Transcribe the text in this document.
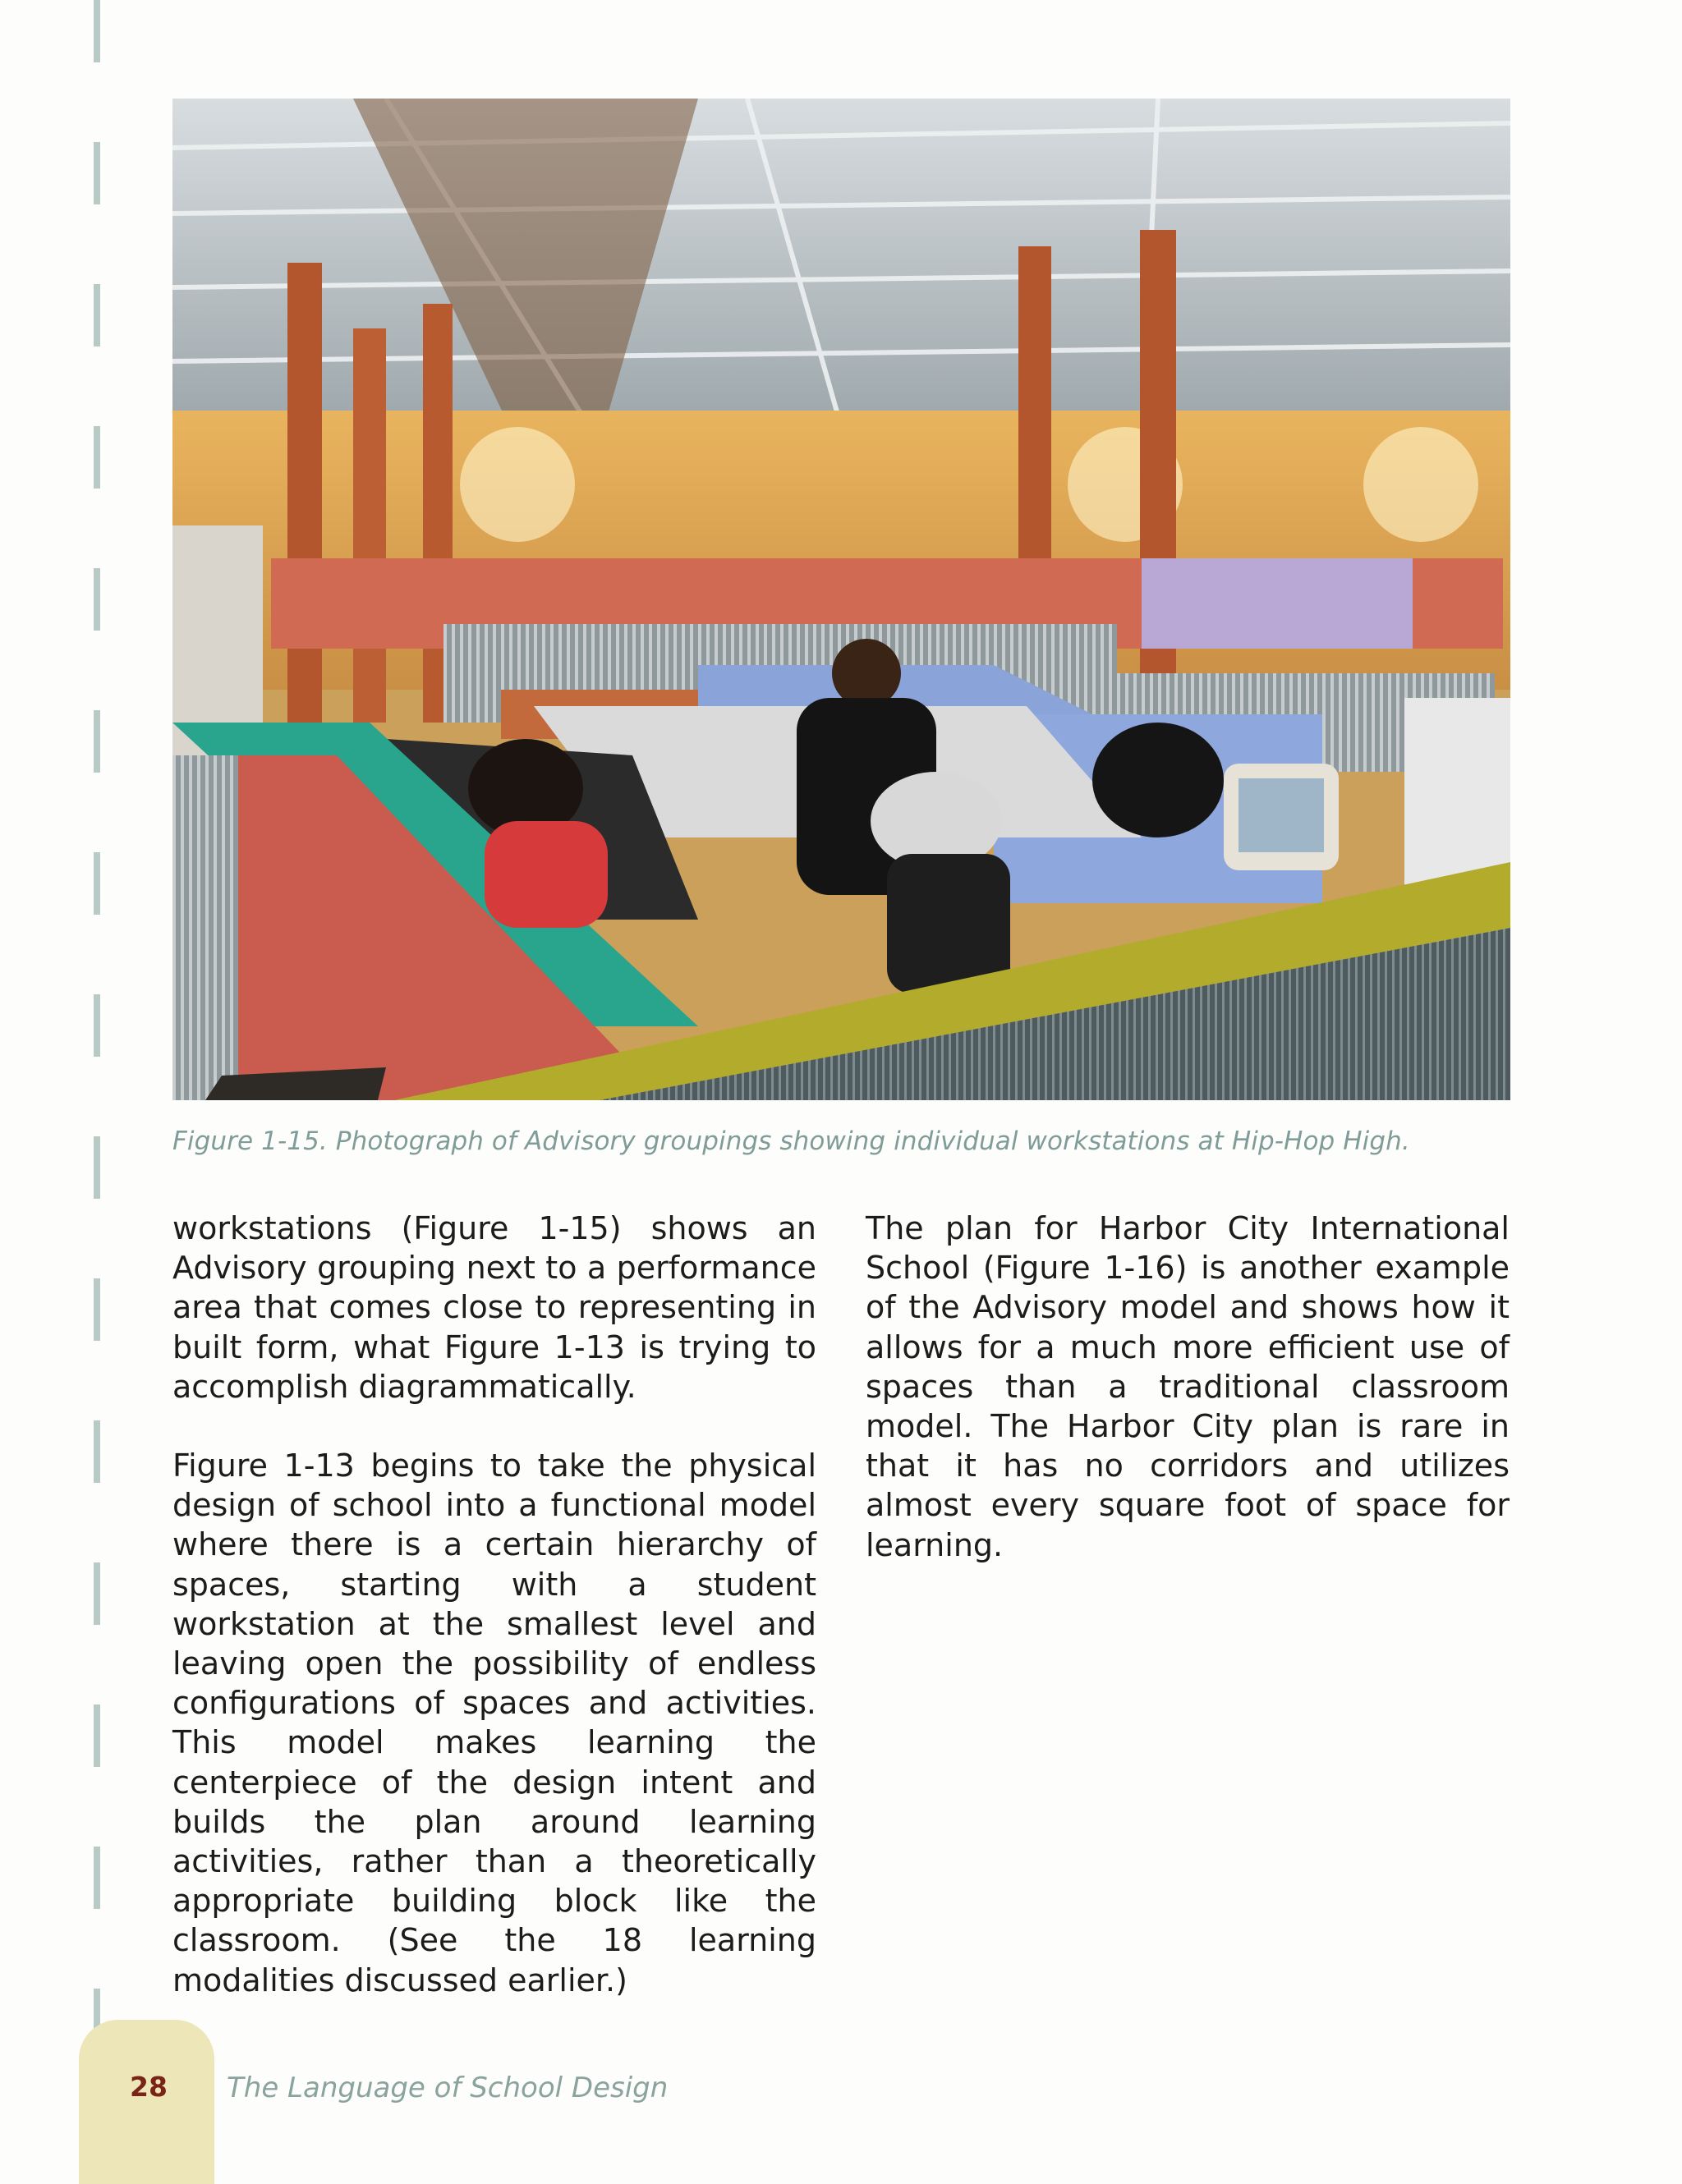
Figure 1-15. Photograph of Advisory groupings showing individual workstations at Hip-Hop High.

workstations (Figure 1-15) shows an Advisory grouping next to a performance area that comes close to representing in built form, what Figure 1-13 is trying to accomplish diagrammatically.

Figure 1-13 begins to take the physical design of school into a functional model where there is a certain hierarchy of spaces, starting with a student workstation at the smallest level and leaving open the possibility of endless configurations of spaces and activities. This model makes learning the centerpiece of the design intent and builds the plan around learning activities, rather than a theoretically appropriate building block like the classroom. (See the 18 learning modalities discussed earlier.)

The plan for Harbor City International School (Figure 1-16) is another example of the Advisory model and shows how it allows for a much more efficient use of spaces than a traditional classroom model. The Harbor City plan is rare in that it has no corridors and utilizes almost every square foot of space for learning.

28 The Language of School Design
